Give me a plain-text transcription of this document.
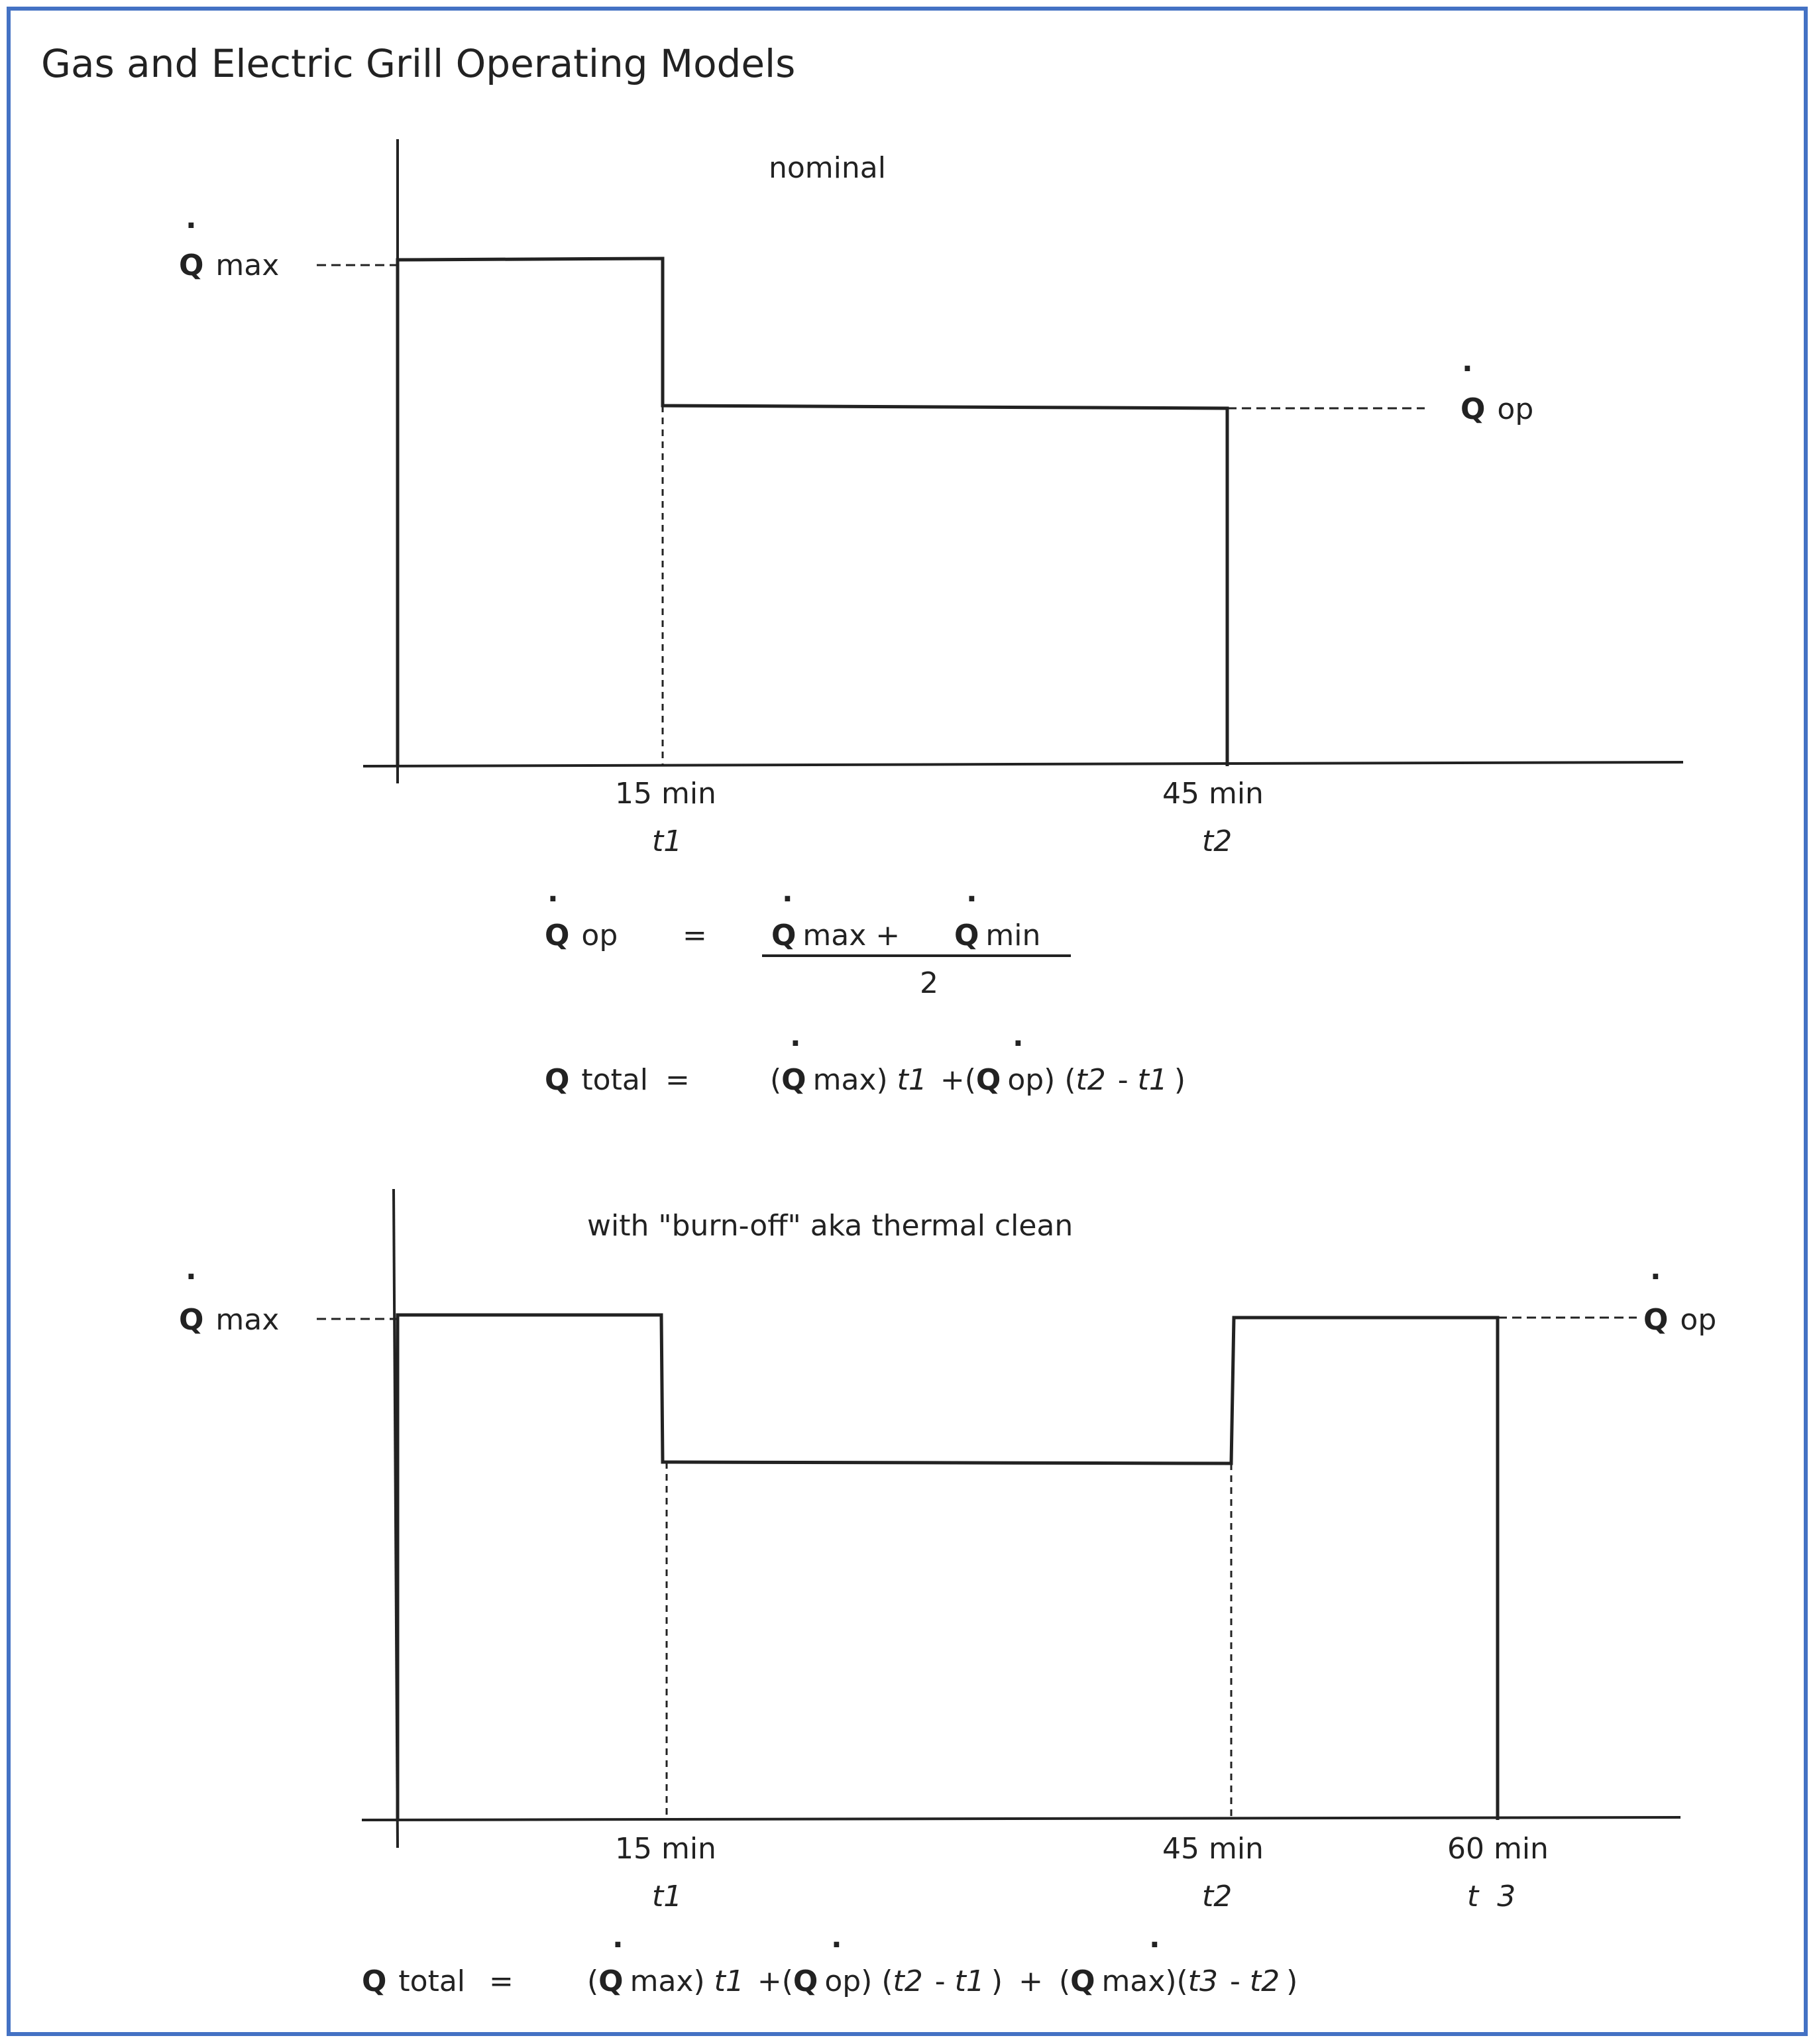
Gas and Electric Grill Operating Models
nominal
.
Q max
.
Q op
15 min
t1
45 min
t2
.
Q op =
.
Q max +
.
Q min
2
Q total =
.	.
(Q max) t1 +(Q op) (t2 - t1 )
with "burn-off" aka thermal clean
.
Q max
.
Q op
15 min
t1
45 min
t2
60 min
t  3
.	.	.
Q total =	(Q max) t1 +(Q op) (t2 - t1 ) + (Q max)(t3 - t2 )
